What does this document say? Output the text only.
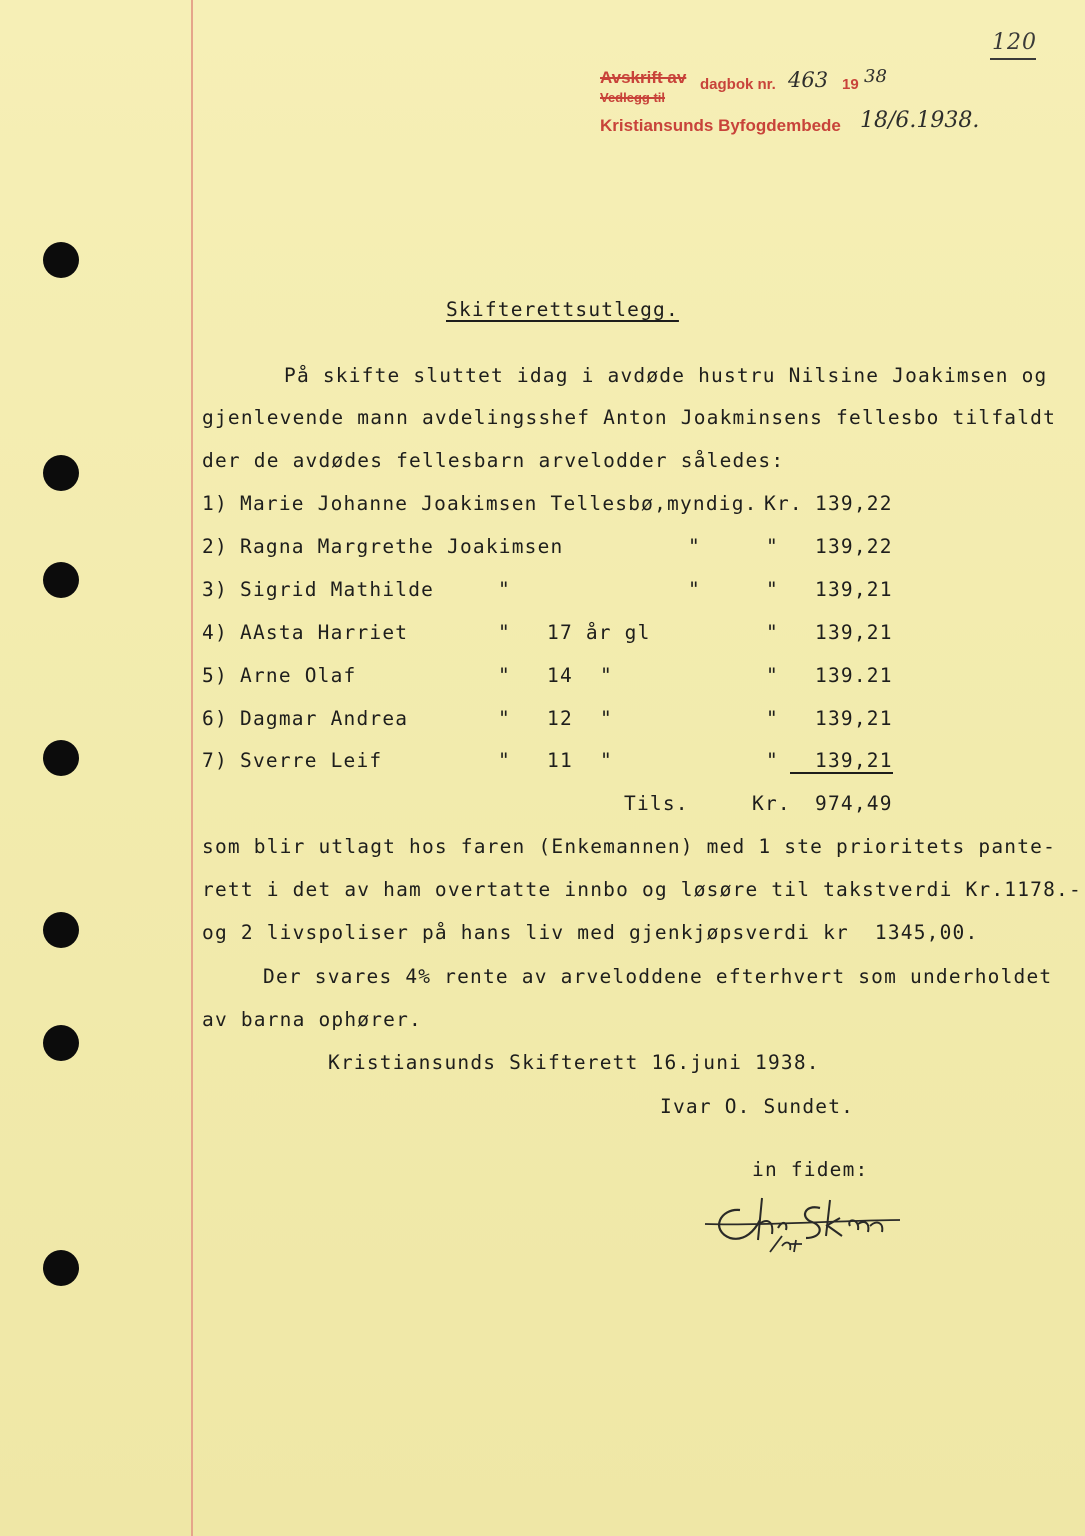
120
Avskrift av dagbok nr. 463 19 38
Vedlegg til
Kristiansunds Byfogdembede 18/6.1938.
Skifterettsutlegg.
På skifte sluttet idag i avdøde hustru Nilsine Joakimsen og
gjenlevende mann avdelingsshef Anton Joakminsens fellesbo tilfaldt
der de avdødes fellesbarn arvelodder således:
1) Marie Johanne Joakimsen Tellesbø,myndig. Kr. 139,22
2) Ragna Margrethe Joakimsen	"	" 139,22
3) Sigrid Mathilde	"	"	" 139,21
4) AAsta Harriet	" 17 år gl	" 139,21
5) Arne Olaf	" 14 "	" 139.21
6) Dagmar Andrea	" 12 "	" 139,21
7) Sverre Leif	" 11 "	" 139,21
Tils.	Kr. 974,49
som blir utlagt hos faren (Enkemannen) med 1 ste prioritets pante-
rett i det av ham overtatte innbo og løsøre til takstverdi Kr.1178.-
og 2 livspoliser på hans liv med gjenkjøpsverdi kr  1345,00.
Der svares 4% rente av arveloddene efterhvert som underholdet
av barna ophører.
Kristiansunds Skifterett 16.juni 1938.
Ivar O. Sundet.
in fidem:
